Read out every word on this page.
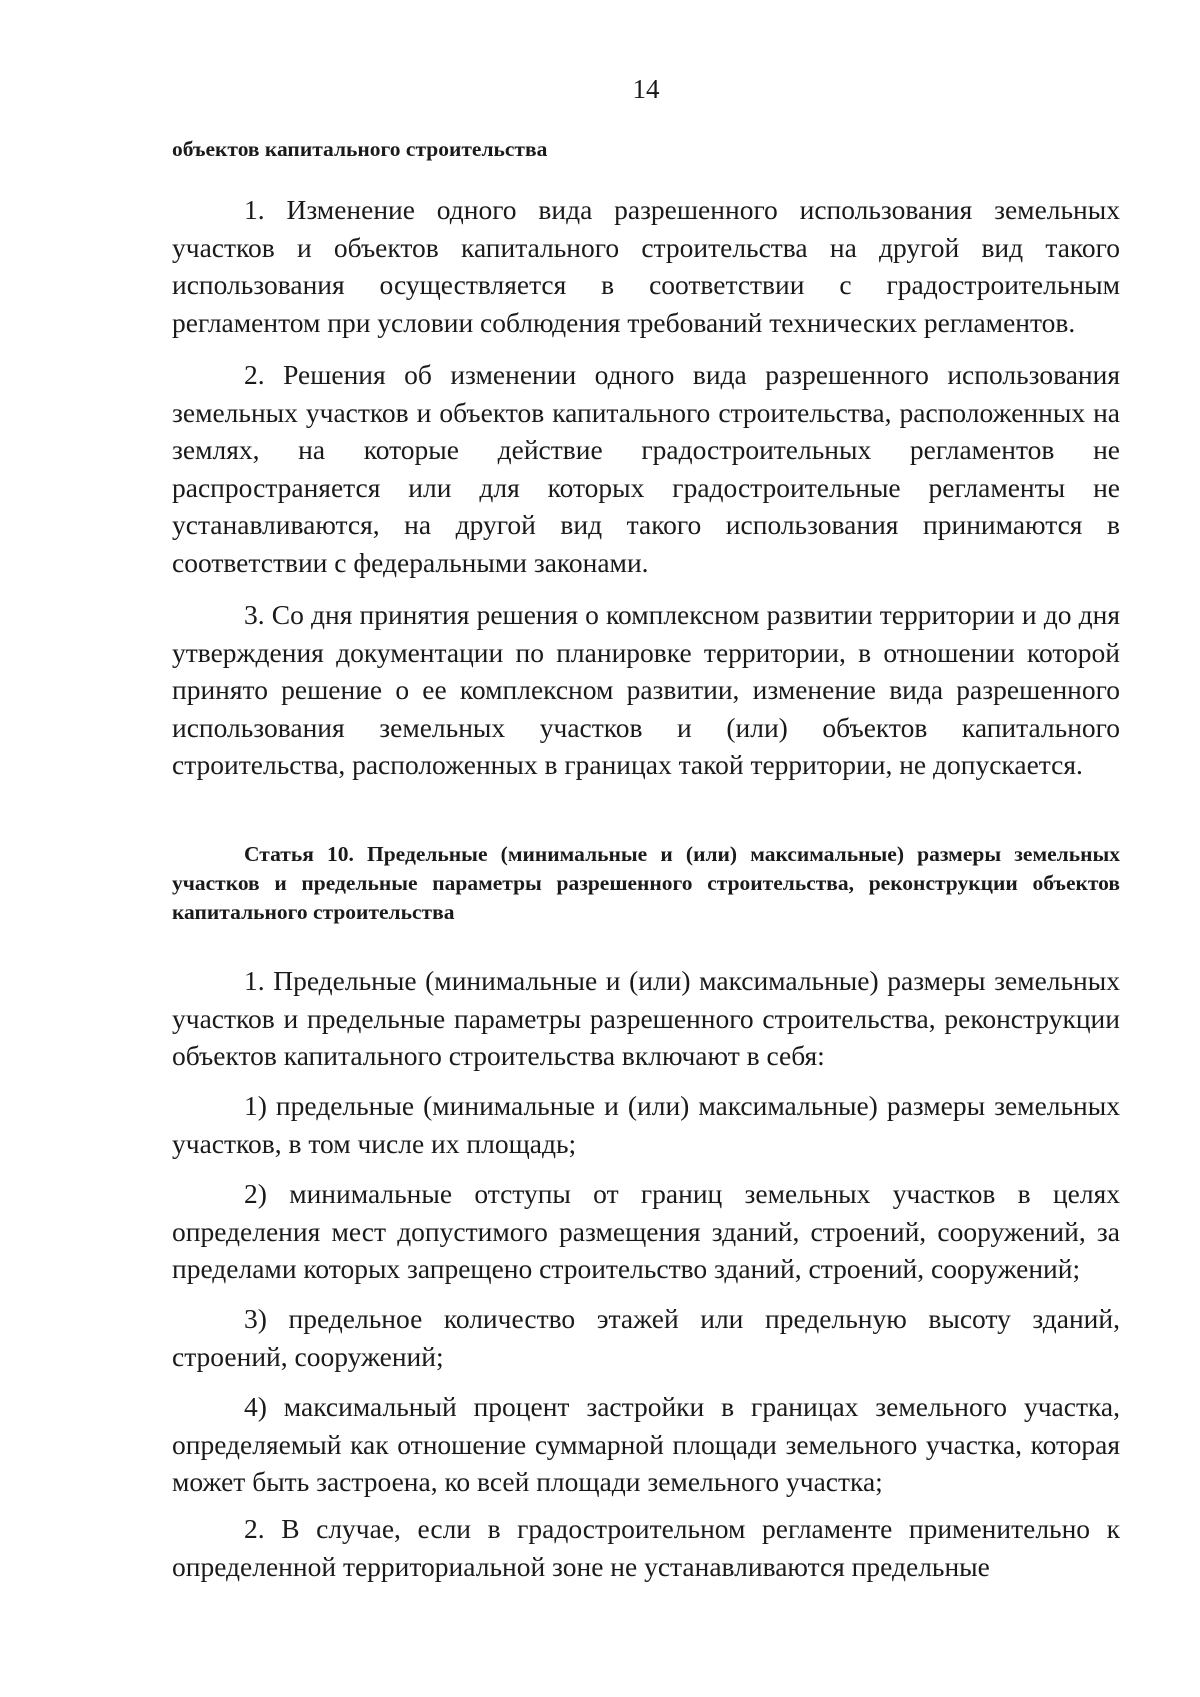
14
объектов капитального строительства

1. Изменение одного вида разрешенного использования земельных участков и объектов капитального строительства на другой вид такого использования осуществляется в соответствии с градостроительным регламентом при условии соблюдения требований технических регламентов.

2. Решения об изменении одного вида разрешенного использования земельных участков и объектов капитального строительства, расположенных на землях, на которые действие градостроительных регламентов не распространяется или для которых градостроительные регламенты не устанавливаются, на другой вид такого использования принимаются в соответствии с федеральными законами.

3. Со дня принятия решения о комплексном развитии территории и до дня утверждения документации по планировке территории, в отношении которой принято решение о ее комплексном развитии, изменение вида разрешенного использования земельных участков и (или) объектов капитального строительства, расположенных в границах такой территории, не допускается.

Статья 10. Предельные (минимальные и (или) максимальные) размеры земельных участков и предельные параметры разрешенного строительства, реконструкции объектов капитального строительства

1. Предельные (минимальные и (или) максимальные) размеры земельных участков и предельные параметры разрешенного строительства, реконструкции объектов капитального строительства включают в себя:

1) предельные (минимальные и (или) максимальные) размеры земельных участков, в том числе их площадь;

2) минимальные отступы от границ земельных участков в целях определения мест допустимого размещения зданий, строений, сооружений, за пределами которых запрещено строительство зданий, строений, сооружений;

3) предельное количество этажей или предельную высоту зданий, строений, сооружений;

4) максимальный процент застройки в границах земельного участка, определяемый как отношение суммарной площади земельного участка, которая может быть застроена, ко всей площади земельного участка;

2. В случае, если в градостроительном регламенте применительно к определенной территориальной зоне не устанавливаются предельные
